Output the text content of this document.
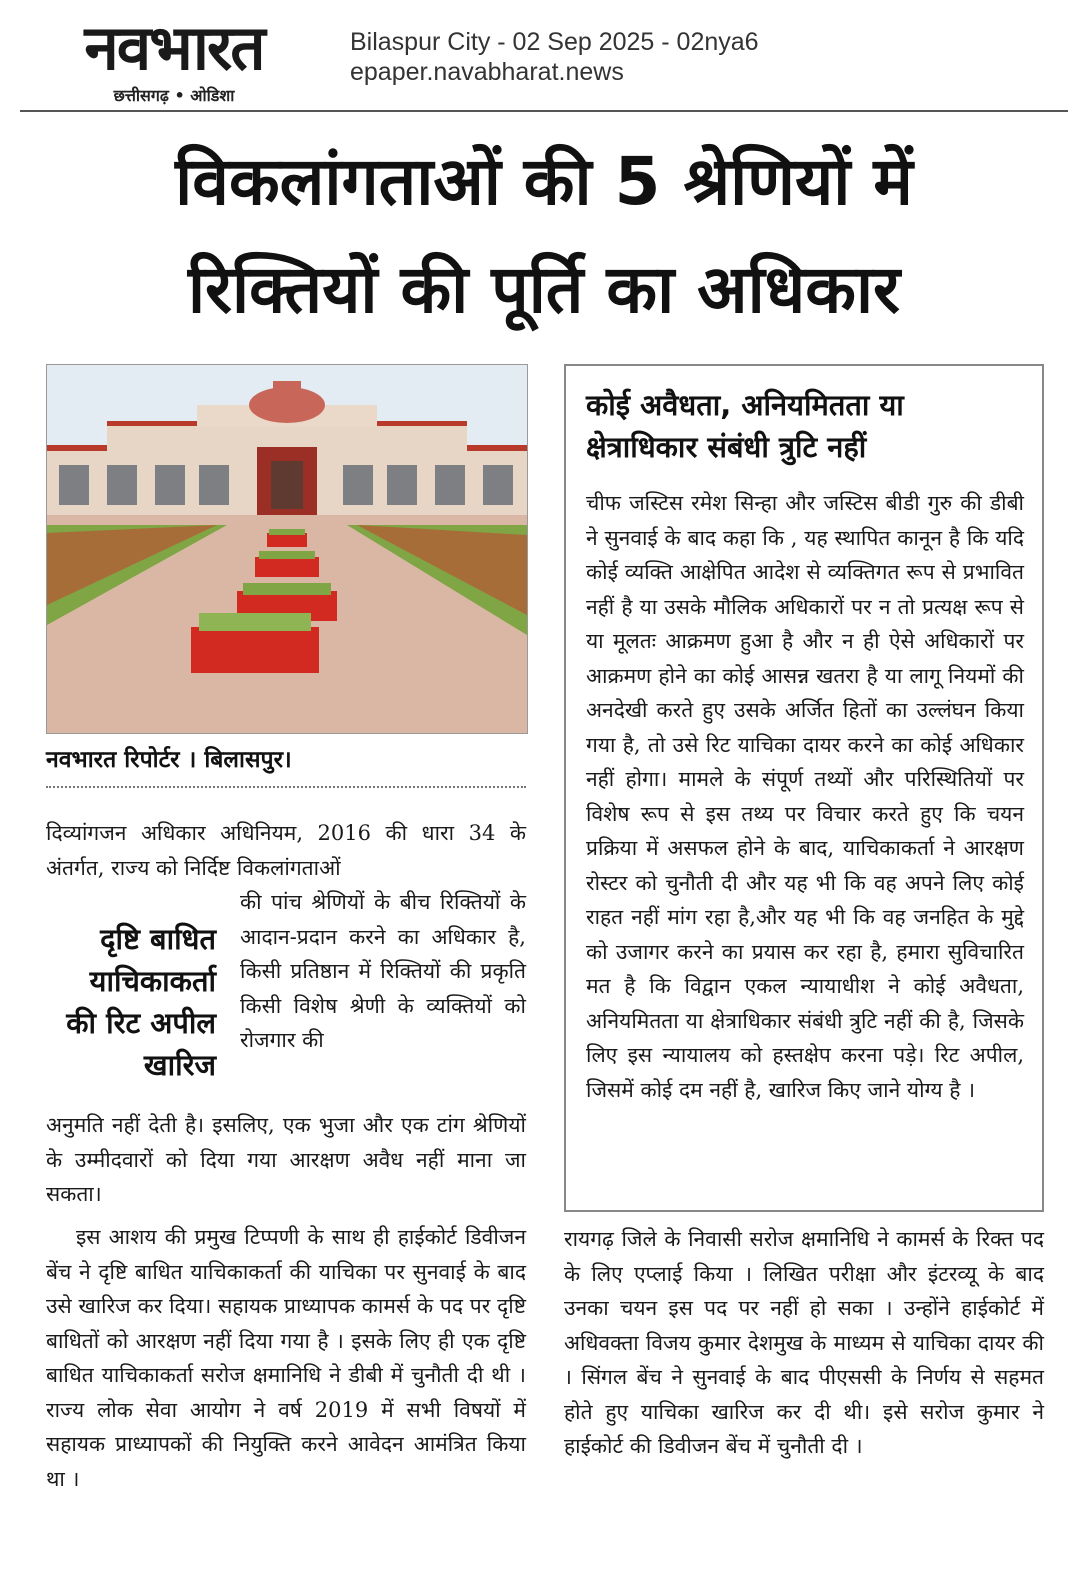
नवभारत
छत्तीसगढ़ • ओडिशा
Bilaspur City - 02 Sep 2025 - 02nya6
epaper.navabharat.news
विकलांगताओं की 5 श्रेणियों में
रिक्तियों की पूर्ति का अधिकार
नवभारत रिपोर्टर । बिलासपुर।
दिव्यांगजन अधिकार अधिनियम, 2016 की धारा 34 के अंतर्गत, राज्य को निर्दिष्ट विकलांगताओं
दृष्टि बाधित
याचिकाकर्ता
की रिट अपील
खारिज
की पांच श्रेणियों के बीच रिक्तियों के आदान-प्रदान करने का अधिकार है, किसी प्रतिष्ठान में रिक्तियों की प्रकृति किसी विशेष श्रेणी के व्यक्तियों को रोजगार की
अनुमति नहीं देती है। इसलिए, एक भुजा और एक टांग श्रेणियों के उम्मीदवारों को दिया गया आरक्षण अवैध नहीं माना जा सकता।
इस आशय की प्रमुख टिप्पणी के साथ ही हाईकोर्ट डिवीजन बेंच ने दृष्टि बाधित याचिकाकर्ता की याचिका पर सुनवाई के बाद उसे खारिज कर दिया। सहायक प्राध्यापक कामर्स के पद पर दृष्टि बाधितों को आरक्षण नहीं दिया गया है । इसके लिए ही एक दृष्टि बाधित याचिकाकर्ता सरोज क्षमानिधि ने डीबी में चुनौती दी थी । राज्य लोक सेवा आयोग ने वर्ष 2019 में सभी विषयों में सहायक प्राध्यापकों की नियुक्ति करने आवेदन आमंत्रित किया था ।
कोई अवैधता, अनियमितता या
क्षेत्राधिकार संबंधी त्रुटि नहीं
चीफ जस्टिस रमेश सिन्हा और जस्टिस बीडी गुरु की डीबी ने सुनवाई के बाद कहा कि , यह स्थापित कानून है कि यदि कोई व्यक्ति आक्षेपित आदेश से व्यक्तिगत रूप से प्रभावित नहीं है या उसके मौलिक अधिकारों पर न तो प्रत्यक्ष रूप से या मूलतः आक्रमण हुआ है और न ही ऐसे अधिकारों पर आक्रमण होने का कोई आसन्न खतरा है या लागू नियमों की अनदेखी करते हुए उसके अर्जित हितों का उल्लंघन किया गया है, तो उसे रिट याचिका दायर करने का कोई अधिकार नहीं होगा। मामले के संपूर्ण तथ्यों और परिस्थितियों पर विशेष रूप से इस तथ्य पर विचार करते हुए कि चयन प्रक्रिया में असफल होने के बाद, याचिकाकर्ता ने आरक्षण रोस्टर को चुनौती दी और यह भी कि वह अपने लिए कोई राहत नहीं मांग रहा है,और यह भी कि वह जनहित के मुद्दे को उजागर करने का प्रयास कर रहा है, हमारा सुविचारित मत है कि विद्वान एकल न्यायाधीश ने कोई अवैधता, अनियमितता या क्षेत्राधिकार संबंधी त्रुटि नहीं की है, जिसके लिए इस न्यायालय को हस्तक्षेप करना पड़े। रिट अपील, जिसमें कोई दम नहीं है, खारिज किए जाने योग्य है ।
रायगढ़ जिले के निवासी सरोज क्षमानिधि ने कामर्स के रिक्त पद के लिए एप्लाई किया । लिखित परीक्षा और इंटरव्यू के बाद उनका चयन इस पद पर नहीं हो सका । उन्होंने हाईकोर्ट में अधिवक्ता विजय कुमार देशमुख के माध्यम से याचिका दायर की । सिंगल बेंच ने सुनवाई के बाद पीएससी के निर्णय से सहमत होते हुए याचिका खारिज कर दी थी। इसे सरोज कुमार ने हाईकोर्ट की डिवीजन बेंच में चुनौती दी ।
